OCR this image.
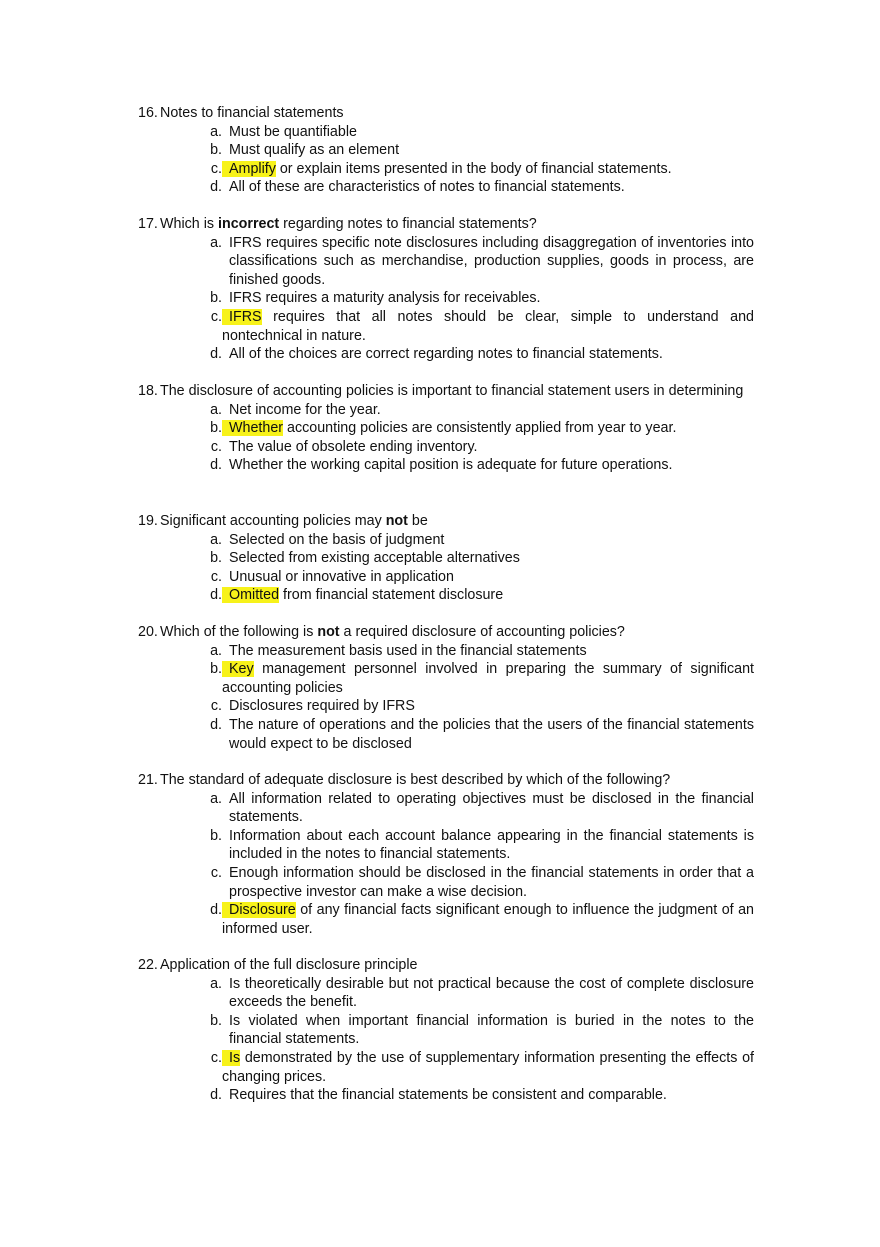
16. Notes to financial statements
a. Must be quantifiable
b. Must qualify as an element
c. Amplify or explain items presented in the body of financial statements.
d. All of these are characteristics of notes to financial statements.
17. Which is incorrect regarding notes to financial statements?
a. IFRS requires specific note disclosures including disaggregation of inventories into classifications such as merchandise, production supplies, goods in process, are finished goods.
b. IFRS requires a maturity analysis for receivables.
c. IFRS requires that all notes should be clear, simple to understand and nontechnical in nature.
d. All of the choices are correct regarding notes to financial statements.
18. The disclosure of accounting policies is important to financial statement users in determining
a. Net income for the year.
b. Whether accounting policies are consistently applied from year to year.
c. The value of obsolete ending inventory.
d. Whether the working capital position is adequate for future operations.
19. Significant accounting policies may not be
a. Selected on the basis of judgment
b. Selected from existing acceptable alternatives
c. Unusual or innovative in application
d. Omitted from financial statement disclosure
20. Which of the following is not a required disclosure of accounting policies?
a. The measurement basis used in the financial statements
b. Key management personnel involved in preparing the summary of significant accounting policies
c. Disclosures required by IFRS
d. The nature of operations and the policies that the users of the financial statements would expect to be disclosed
21. The standard of adequate disclosure is best described by which of the following?
a. All information related to operating objectives must be disclosed in the financial statements.
b. Information about each account balance appearing in the financial statements is included in the notes to financial statements.
c. Enough information should be disclosed in the financial statements in order that a prospective investor can make a wise decision.
d. Disclosure of any financial facts significant enough to influence the judgment of an informed user.
22. Application of the full disclosure principle
a. Is theoretically desirable but not practical because the cost of complete disclosure exceeds the benefit.
b. Is violated when important financial information is buried in the notes to the financial statements.
c. Is demonstrated by the use of supplementary information presenting the effects of changing prices.
d. Requires that the financial statements be consistent and comparable.
